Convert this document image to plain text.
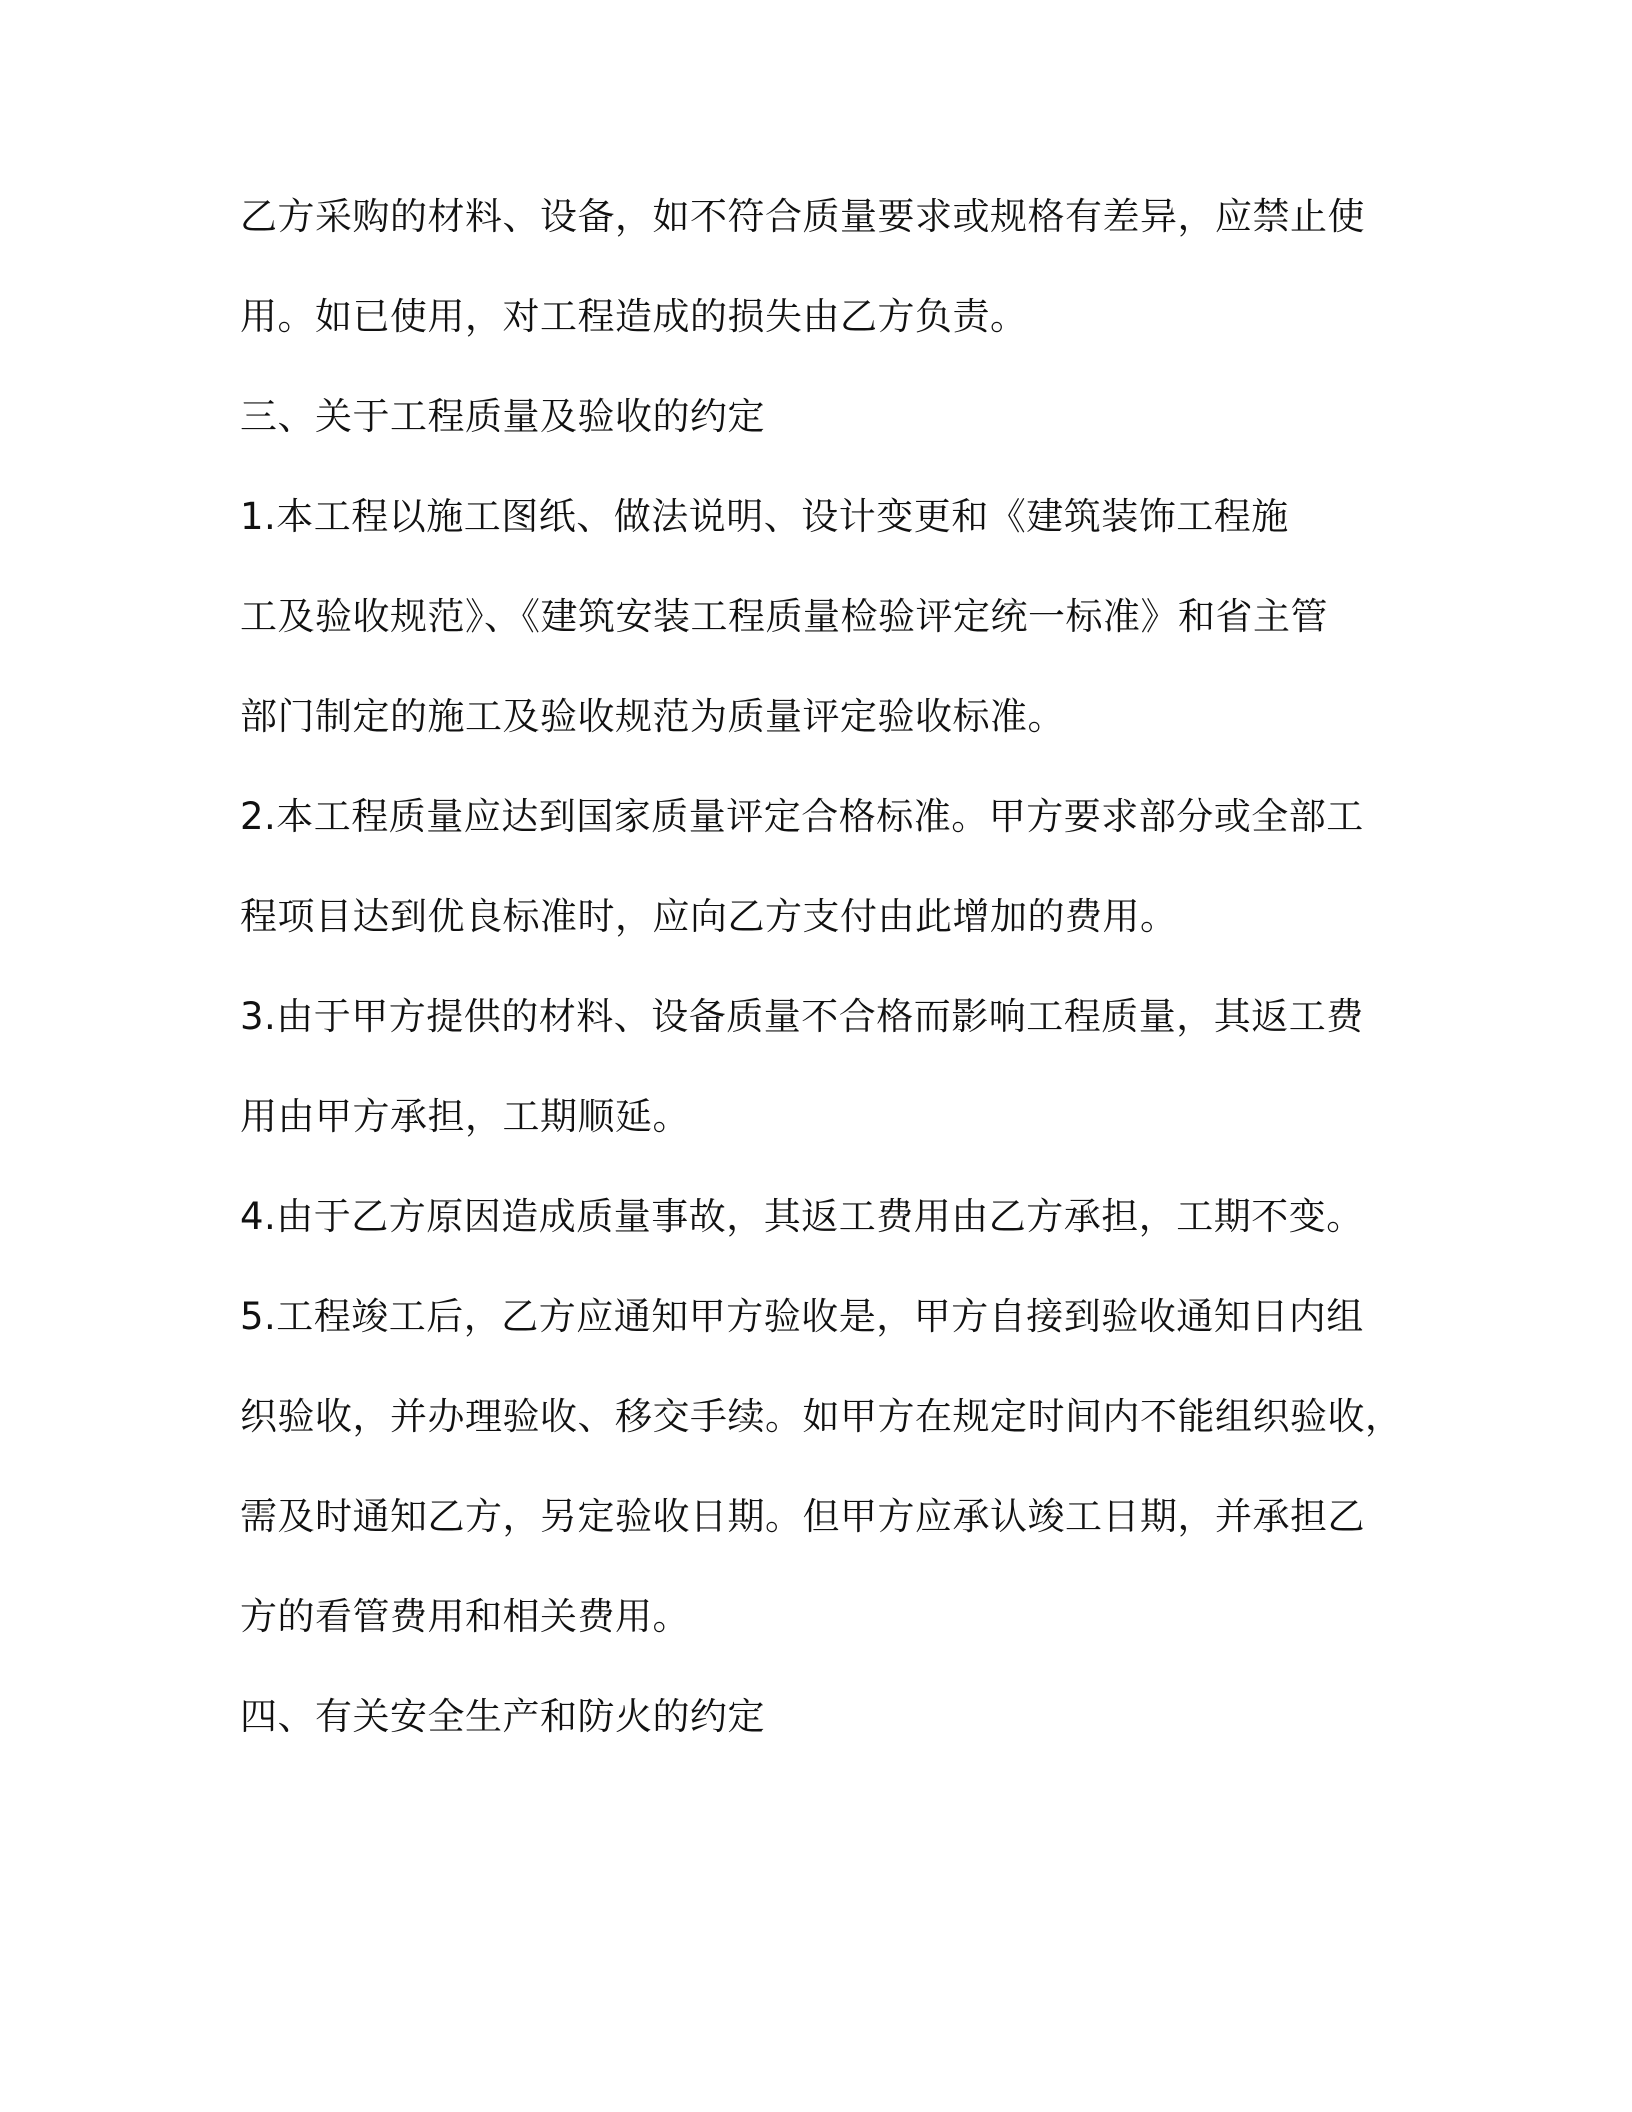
乙方采购的材料、设备，如不符合质量要求或规格有差异，应禁止使
用。如已使用，对工程造成的损失由乙方负责。
三、关于工程质量及验收的约定
1.本工程以施工图纸、做法说明、设计变更和《建筑装饰工程施
工及验收规范》、《建筑安装工程质量检验评定统一标准》和省主管
部门制定的施工及验收规范为质量评定验收标准。
2.本工程质量应达到国家质量评定合格标准。甲方要求部分或全部工
程项目达到优良标准时，应向乙方支付由此增加的费用。
3.由于甲方提供的材料、设备质量不合格而影响工程质量，其返工费
用由甲方承担，工期顺延。
4.由于乙方原因造成质量事故，其返工费用由乙方承担，工期不变。
5.工程竣工后，乙方应通知甲方验收是，甲方自接到验收通知日内组
织验收，并办理验收、移交手续。如甲方在规定时间内不能组织验收，
需及时通知乙方，另定验收日期。但甲方应承认竣工日期，并承担乙
方的看管费用和相关费用。
四、有关安全生产和防火的约定
